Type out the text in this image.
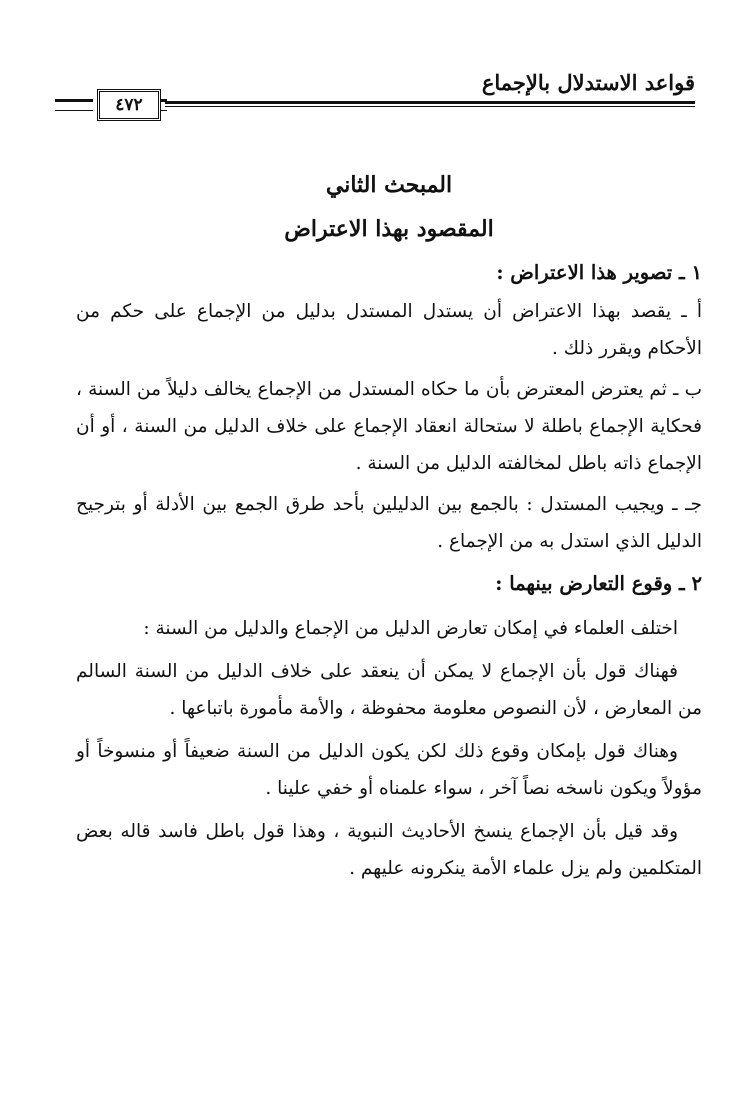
قواعد الاستدلال بالإجماع
٤٧٢

المبحث الثاني

المقصود بهذا الاعتراض

١ ـ تصوير هذا الاعتراض :

أ ـ يقصد بهذا الاعتراض أن يستدل المستدل بدليل من الإجماع على حكم من الأحكام ويقرر ذلك .

ب ـ ثم يعترض المعترض بأن ما حكاه المستدل من الإجماع يخالف دليلاً من السنة ، فحكاية الإجماع باطلة لا ستحالة انعقاد الإجماع على خلاف الدليل من السنة ، أو أن الإجماع ذاته باطل لمخالفته الدليل من السنة .

جـ ـ ويجيب المستدل : بالجمع بين الدليلين بأحد طرق الجمع بين الأدلة أو بترجيح الدليل الذي استدل به من الإجماع .

٢ ـ وقوع التعارض بينهما :

اختلف العلماء في إمكان تعارض الدليل من الإجماع والدليل من السنة :

فهناك قول بأن الإجماع لا يمكن أن ينعقد على خلاف الدليل من السنة السالم من المعارض ، لأن النصوص معلومة محفوظة ، والأمة مأمورة باتباعها .

وهناك قول بإمكان وقوع ذلك لكن يكون الدليل من السنة ضعيفاً أو منسوخاً أو مؤولاً ويكون ناسخه نصاً آخر ، سواء علمناه أو خفي علينا .

وقد قيل بأن الإجماع ينسخ الأحاديث النبوية ، وهذا قول باطل فاسد قاله بعض المتكلمين ولم يزل علماء الأمة ينكرونه عليهم .
